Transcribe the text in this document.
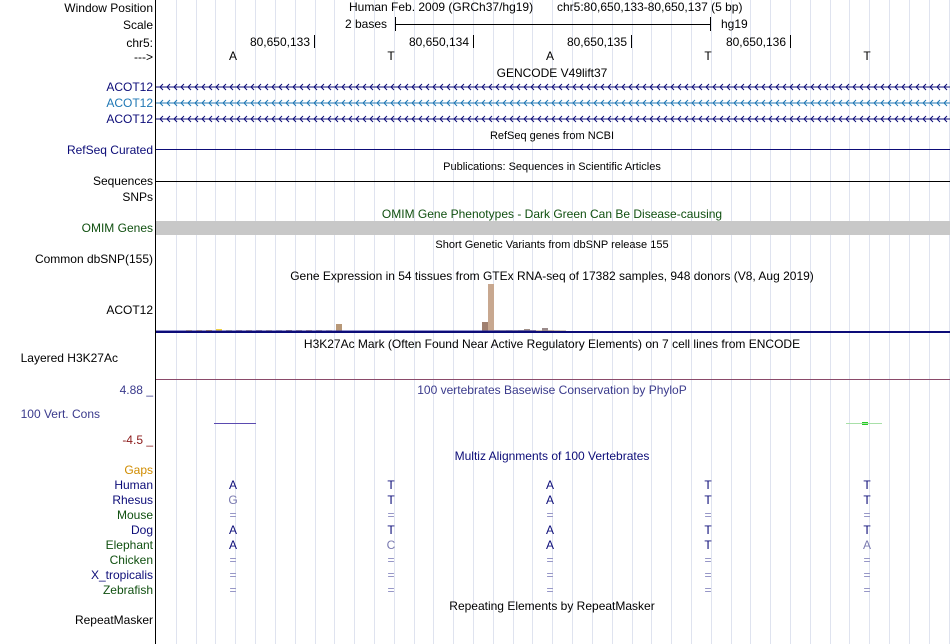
Window Position
Scale
chr5:
--->
Human Feb. 2009 (GRCh37/hg19) chr5:80,650,133-80,650,137 (5 bp)
2 bases	hg19
80,650,133	80,650,134	80,650,135	80,650,136
A	T	A	T	T
GENCODE V49lift37
ACOT12
ACOT12
ACOT12
RefSeq genes from NCBI
RefSeq Curated
Publications: Sequences in Scientific Articles
Sequences
SNPs
OMIM Gene Phenotypes - Dark Green Can Be Disease-causing
OMIM Genes
Short Genetic Variants from dbSNP release 155
Common dbSNP(155)
Gene Expression in 54 tissues from GTEx RNA-seq of 17382 samples, 948 donors (V8, Aug 2019)
ACOT12
H3K27Ac Mark (Often Found Near Active Regulatory Elements) on 7 cell lines from ENCODE
Layered H3K27Ac
100 vertebrates Basewise Conservation by PhyloP
4.88 _
100 Vert. Cons
-4.5 _
Multiz Alignments of 100 Vertebrates
Gaps
Human	A	T	A	T	T
Rhesus	G	T	A	T	T
Mouse	=	=	=	=	=
Dog	A	T	A	T	T
Elephant	A	C	A	T	A
Chicken	=	=	=	=	=
X_tropicalis	=	=	=	=	=
Zebrafish	=	=	=	=	=
Repeating Elements by RepeatMasker
RepeatMasker
